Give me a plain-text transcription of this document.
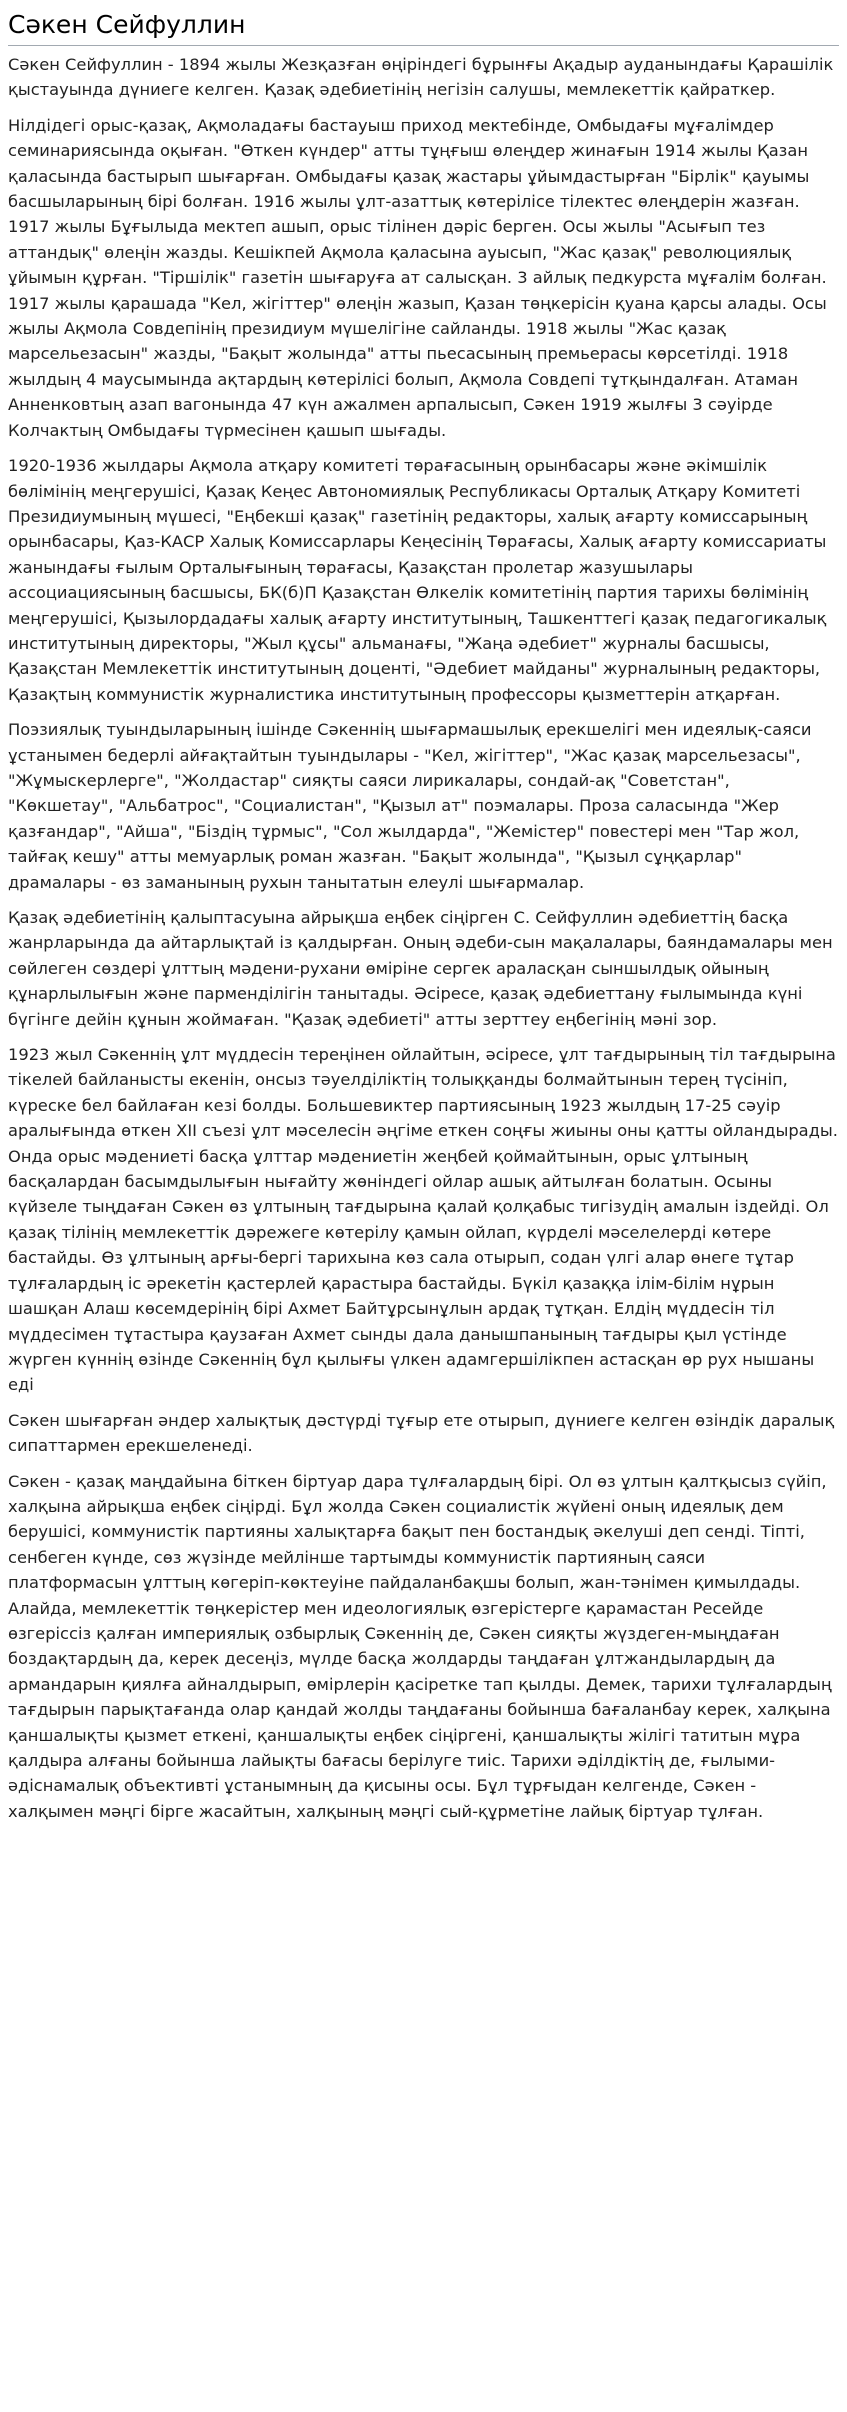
Сәкен Сейфуллин

Сәкен Сейфуллин - 1894 жылы Жезқазған өңіріндегі бұрынғы Ақадыр ауданындағы Қарашілік қыстауында дүниеге келген. Қазақ әдебиетінің негізін салушы, мемлекеттік қайраткер.

Нілдідегі орыс-қазақ, Ақмоладағы бастауыш приход мектебінде, Омбыдағы мұғалімдер семинариясында оқыған. "Өткен күндер" атты тұңғыш өлеңдер жинағын 1914 жылы Қазан қаласында бастырып шығарған. Омбыдағы қазақ жастары ұйымдастырған "Бірлік" қауымы басшыларының бірі болған. 1916 жылы ұлт-азаттық көтерілісе тілектес өлеңдерін жазған. 1917 жылы Бұғылыда мектеп ашып, орыс тілінен дәріс берген. Осы жылы "Асығып тез аттандық" өлеңін жазды. Кешікпей Ақмола қаласына ауысып, "Жас қазақ" революциялық ұйымын құрған. "Тіршілік" газетін шығаруға ат салысқан. 3 айлық педкурста мұғалім болған. 1917 жылы қарашада "Кел, жігіттер" өлеңін жазып, Қазан төңкерісін қуана қарсы алады. Осы жылы Ақмола Совдепінің президиум мүшелігіне сайланды. 1918 жылы "Жас қазақ марсельезасын" жазды, "Бақыт жолында" атты пьесасының премьерасы көрсетілді. 1918 жылдың 4 маусымында ақтардың көтерілісі болып, Ақмола Совдепі тұтқындалған. Атаман Анненковтың азап вагонында 47 күн ажалмен арпалысып, Сәкен 1919 жылғы 3 сәуірде Колчактың Омбыдағы түрмесінен қашып шығады.

1920-1936 жылдары Ақмола атқару комитеті төрағасының орынбасары және әкімшілік бөлімінің меңгерушісі, Қазақ Кеңес Автономиялық Республикасы Орталық Атқару Комитеті Президиумының мүшесі, "Еңбекші қазақ" газетінің редакторы, халық ағарту комиссарының орынбасары, Қаз-КАСР Халық Комиссарлары Кеңесінің Төрағасы, Халық ағарту комиссариаты жанындағы ғылым Орталығының төрағасы, Қазақстан пролетар жазушылары ассоциациясының басшысы, БК(б)П Қазақстан Өлкелік комитетінің партия тарихы бөлімінің меңгерушісі, Қызылордадағы халық ағарту институтының, Ташкенттегі қазақ педагогикалық институтының директоры, "Жыл құсы" альманағы, "Жаңа әдебиет" журналы басшысы, Қазақстан Мемлекеттік институтының доценті, "Әдебиет майданы" журналының редакторы, Қазақтың коммунистік журналистика институтының профессоры қызметтерін атқарған.

Поэзиялық туындыларының ішінде Сәкеннің шығармашылық ерекшелігі мен идеялық-саяси ұстанымен бедерлі айғақтайтын туындылары - "Кел, жігіттер", "Жас қазақ марсельезасы", "Жұмыскерлерге", "Жолдастар" сияқты саяси лирикалары, сондай-ақ "Советстан", "Көкшетау", "Альбатрос", "Социалистан", "Қызыл ат" поэмалары. Проза саласында "Жер қазғандар", "Айша", "Біздің тұрмыс", "Сол жылдарда", "Жемістер" повестері мен "Тар жол, тайғақ кешу" атты мемуарлық роман жазған. "Бақыт жолында", "Қызыл сұңқарлар" драмалары - өз заманының рухын танытатын елеулі шығармалар.

Қазақ әдебиетінің қалыптасуына айрықша еңбек сіңірген С. Сейфуллин әдебиеттің басқа жанрларында да айтарлықтай із қалдырған. Оның әдеби-сын мақалалары, баяндамалары мен сөйлеген сөздері ұлттың мәдени-рухани өміріне сергек араласқан сыншылдық ойының құнарлылығын және парменділігін танытады. Әсіресе, қазақ әдебиеттану ғылымында күні бүгінге дейін құнын жоймаған. "Қазақ әдебиеті" атты зерттеу еңбегінің мәні зор.

1923 жыл Сәкеннің ұлт мүддесін тереңінен ойлайтын, әсіресе, ұлт тағдырының тіл тағдырына тікелей байланысты екенін, онсыз тәуелділіктің толыққанды болмайтынын терең түсініп, күреске бел байлаған кезі болды. Большевиктер партиясының 1923 жылдың 17-25 сәуір аралығында өткен XII съезі ұлт мәселесін әңгіме еткен соңғы жиыны оны қатты ойландырады. Онда орыс мәдениеті басқа ұлттар мәдениетін жеңбей қоймайтынын, орыс ұлтының басқалардан басымдылығын нығайту жөніндегі ойлар ашық айтылған болатын. Осыны күйзеле тыңдаған Сәкен өз ұлтының тағдырына қалай қолқабыс тигізудің амалын іздейді. Ол қазақ тілінің мемлекеттік дәрежеге көтерілу қамын ойлап, күрделі мәселелерді көтере бастайды. Өз ұлтының арғы-бергі тарихына көз сала отырып, содан үлгі алар өнеге тұтар тұлғалардың іс әрекетін қастерлей қарастыра бастайды. Бүкіл қазаққа ілім-білім нұрын шашқан Алаш көсемдерінің бірі Ахмет Байтұрсынұлын ардақ тұтқан. Елдің мүддесін тіл мүддесімен тұтастыра қаузаған Ахмет сынды дала данышпанының тағдыры қыл үстінде жүрген күннің өзінде Сәкеннің бұл қылығы үлкен адамгершілікпен астасқан өр рух нышаны еді

Сәкен шығарған әндер халықтық дәстүрді тұғыр ете отырып, дүниеге келген өзіндік даралық сипаттармен ерекшеленеді.

Сәкен - қазақ маңдайына біткен біртуар дара тұлғалардың бірі. Ол өз ұлтын қалтқысыз сүйіп, халқына айрықша еңбек сіңірді. Бұл жолда Сәкен социалистік жүйені оның идеялық дем берушісі, коммунистік партияны халықтарға бақыт пен бостандық әкелуші деп сенді. Тіпті, сенбеген күнде, сөз жүзінде мейлінше тартымды коммунистік партияның саяси платформасын ұлттың көгерiп-көктеуіне пайдаланбақшы болып, жан-тәнімен қимылдады. Алайда, мемлекеттік төңкерістер мен идеологиялық өзгерістерге қарамастан Ресейде өзгеріссіз қалған империялық озбырлық Сәкеннің де, Сәкен сияқты жүздеген-мыңдаған боздақтардың да, керек десеңіз, мүлде басқа жолдарды таңдаған ұлтжандылардың да армандарын қиялға айналдырып, өмірлерін қасіретке тап қылды. Демек, тарихи тұлғалардың тағдырын парықтағанда олар қандай жолды таңдағаны бойынша бағаланбау керек, халқына қаншалықты қызмет еткені, қаншалықты еңбек сіңіргені, қаншалықты жілігі татитын мұра қалдыра алғаны бойынша лайықты бағасы берілуге тиіс. Тарихи әділдіктің де, ғылыми-әдіснамалық объективті ұстанымның да қисыны осы. Бұл тұрғыдан келгенде, Сәкен - халқымен мәңгі бірге жасайтын, халқының мәңгі сый-құрметіне лайық біртуар тұлған.
